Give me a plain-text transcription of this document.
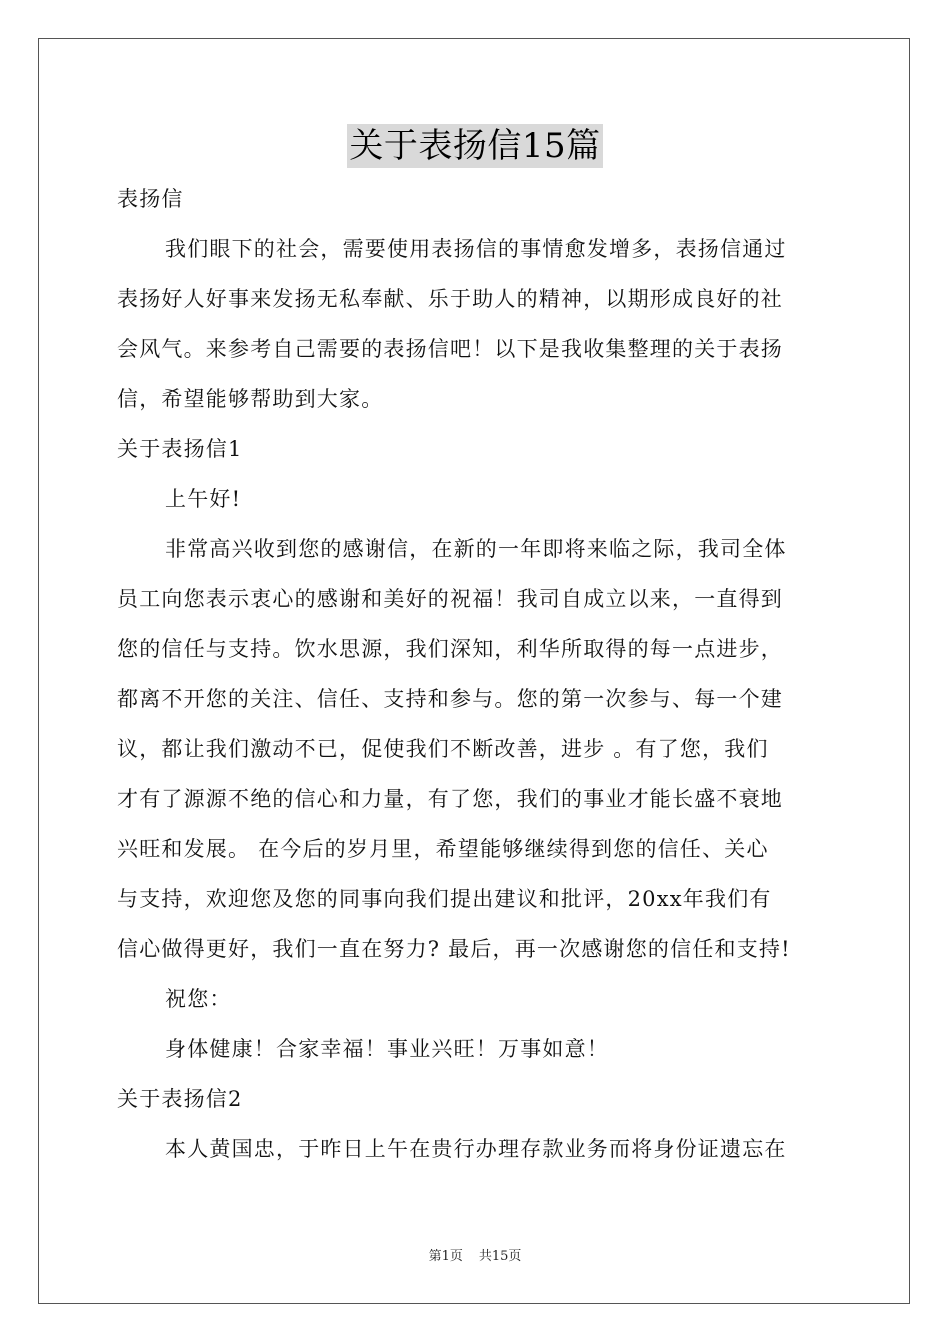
关于表扬信15篇
表扬信
我们眼下的社会，需要使用表扬信的事情愈发增多，表扬信通过
表扬好人好事来发扬无私奉献、乐于助人的精神，以期形成良好的社
会风气。来参考自己需要的表扬信吧！以下是我收集整理的关于表扬
信，希望能够帮助到大家。
关于表扬信1
上午好!
非常高兴收到您的感谢信，在新的一年即将来临之际，我司全体
员工向您表示衷心的感谢和美好的祝福！我司自成立以来，一直得到
您的信任与支持。饮水思源，我们深知，利华所取得的每一点进步，
都离不开您的关注、信任、支持和参与。您的第一次参与、每一个建
议，都让我们激动不已，促使我们不断改善，进步 。有了您，我们
才有了源源不绝的信心和力量，有了您，我们的事业才能长盛不衰地
兴旺和发展。 在今后的岁月里，希望能够继续得到您的信任、关心
与支持，欢迎您及您的同事向我们提出建议和批评，20xx年我们有
信心做得更好，我们一直在努力? 最后，再一次感谢您的信任和支持!
祝您：
身体健康！合家幸福！事业兴旺！万事如意！
关于表扬信2
本人黄国忠，于昨日上午在贵行办理存款业务而将身份证遗忘在
第1页 共15页
